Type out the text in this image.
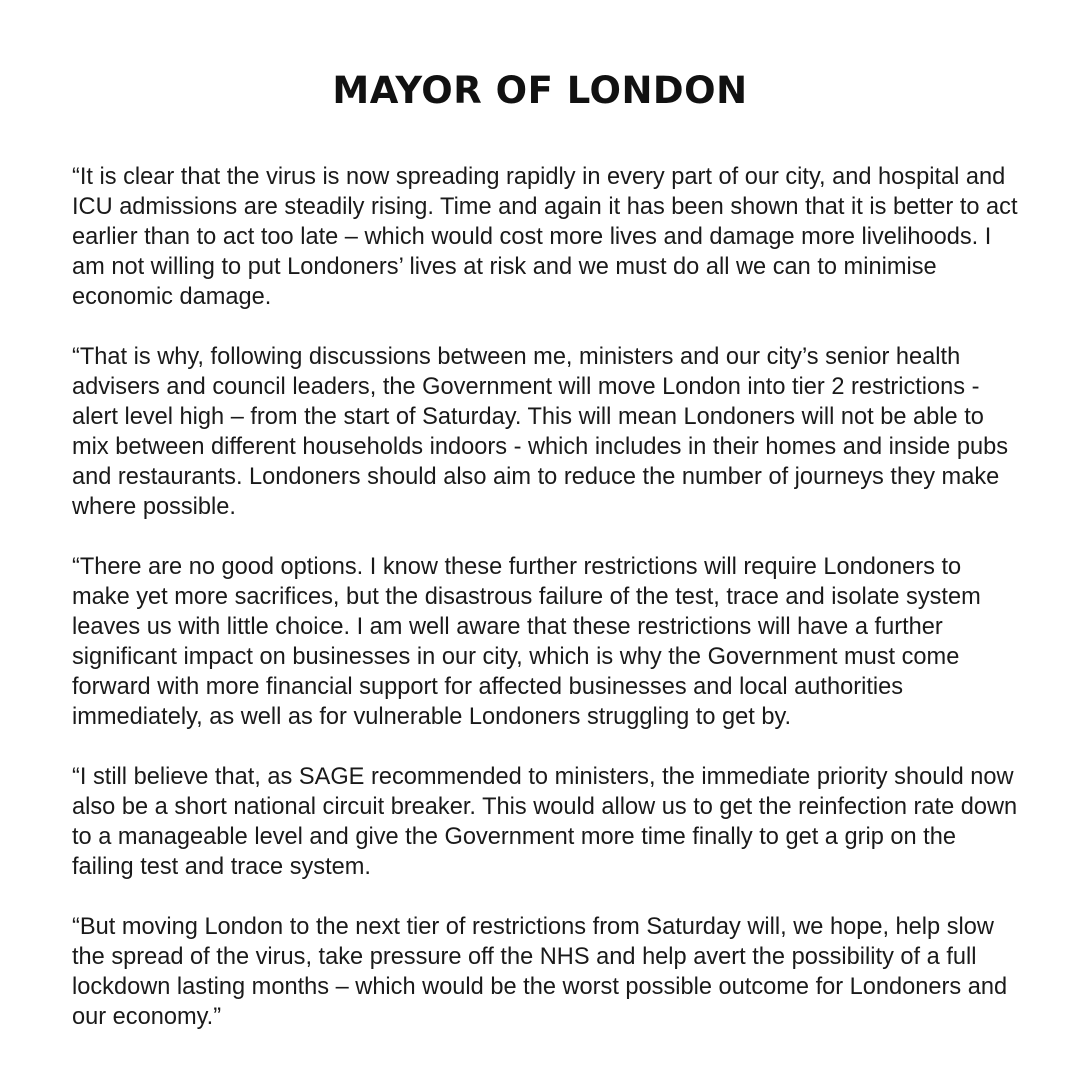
MAYOR OF LONDON

“It is clear that the virus is now spreading rapidly in every part of our city, and hospital and ICU admissions are steadily rising. Time and again it has been shown that it is better to act earlier than to act too late – which would cost more lives and damage more livelihoods. I am not willing to put Londoners’ lives at risk and we must do all we can to minimise economic damage.

“That is why, following discussions between me, ministers and our city’s senior health advisers and council leaders, the Government will move London into tier 2 restrictions - alert level high – from the start of Saturday. This will mean Londoners will not be able to mix between different households indoors - which includes in their homes and inside pubs and restaurants. Londoners should also aim to reduce the number of journeys they make where possible.

“There are no good options. I know these further restrictions will require Londoners to make yet more sacrifices, but the disastrous failure of the test, trace and isolate system leaves us with little choice. I am well aware that these restrictions will have a further significant impact on businesses in our city, which is why the Government must come forward with more financial support for affected businesses and local authorities immediately, as well as for vulnerable Londoners struggling to get by.

“I still believe that, as SAGE recommended to ministers, the immediate priority should now also be a short national circuit breaker. This would allow us to get the reinfection rate down to a manageable level and give the Government more time finally to get a grip on the failing test and trace system.

“But moving London to the next tier of restrictions from Saturday will, we hope, help slow the spread of the virus, take pressure off the NHS and help avert the possibility of a full lockdown lasting months – which would be the worst possible outcome for Londoners and our economy.”
